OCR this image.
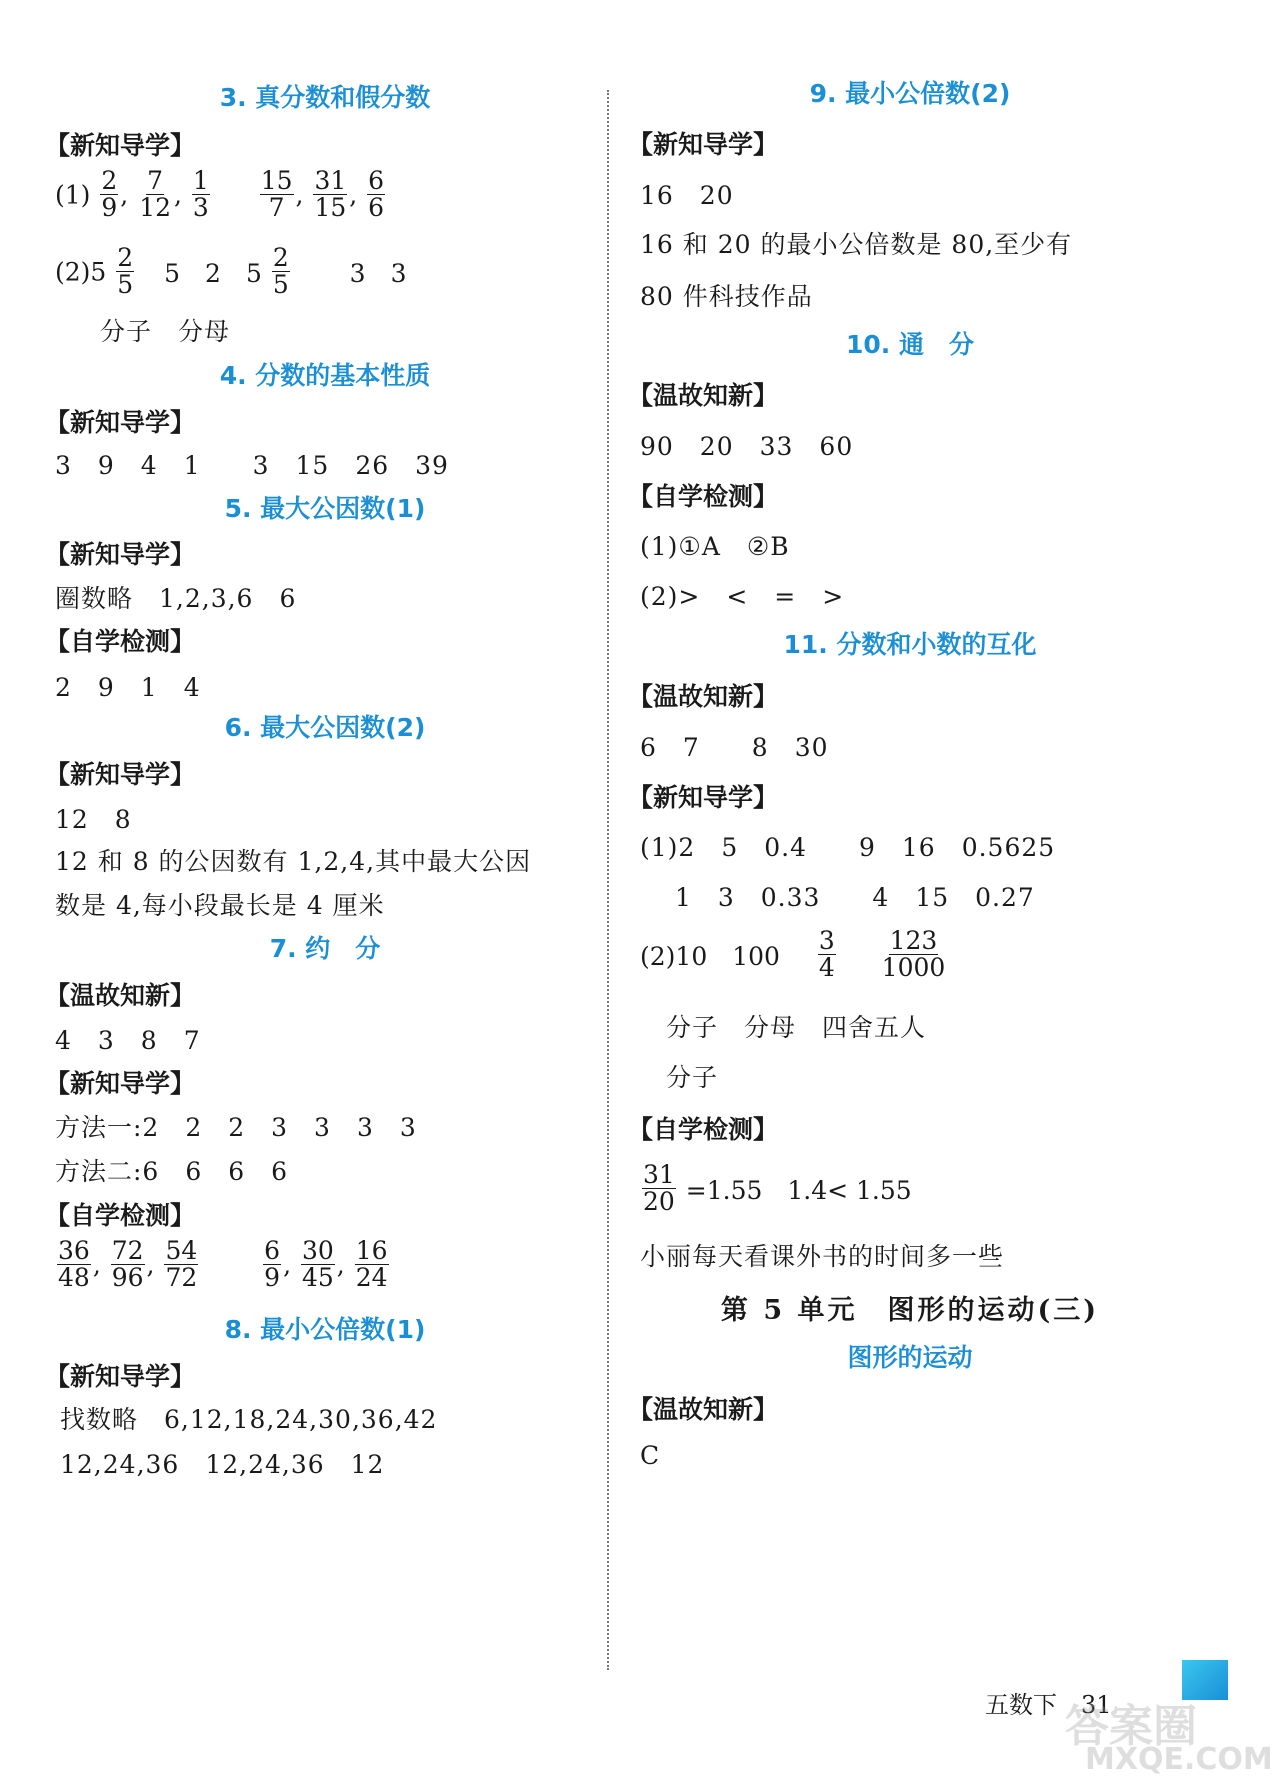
3. 真分数和假分数
【新知导学】
$(1) \frac{2}{9}$ , $\frac{7}{12}$ , $\frac{1}{3}$
$\frac{15}{7}$ , $\frac{31}{15}$ , $\frac{6}{6}$
$(2)5 \frac{2}{5} 5$　2　$5 \frac{2}{5} 3$　3
分子　分母
4. 分数的基本性质
【新知导学】
3　9　4　1　　3　15　26　39
5. 最大公因数(1)
【新知导学】
圈数略　1,2,3,6　6
【自学检测】
2　9　1　4
6. 最大公因数(2)
【新知导学】
12　8
12 和 8 的公因数有 1,2,4,其中最大公因
数是 4,每小段最长是 4 厘米
7. 约　分
【温故知新】
4　3　8　7
【新知导学】
方法一:2　2　2　3　3　3　3
方法二:6　6　6　6
【自学检测】
$\frac{36}{48}$ , $\frac{72}{96}$ , $\frac{54}{72}$
	$\frac{6}{9}$ , $\frac{30}{45}$ , $\frac{16}{24}$
8. 最小公倍数(1)
【新知导学】
找数略　6,12,18,24,30,36,42
12,24,36　12,24,36　12
9. 最小公倍数(2)
【新知导学】
16　20
16 和 20 的最小公倍数是 80,至少有
80 件科技作品
10. 通　分
【温故知新】
90　20　33　60
【自学检测】
(1)①A　②B
(2)>　<　=　>
11. 分数和小数的互化
【温故知新】
6　7　　8　30
【新知导学】
(1)2　5　0.4　　9　16　0.5625
　 1　3　0.33　　4　15　0.27
(2)10　$100 \frac{3}{4}$
$\frac{123}{1000}$
　分子　分母　四舍五人
　分子
【自学检测】
$\frac{31}{20} =1.55$　1.4< 1.55
小丽每天看课外书的时间多一些
第 5 单元　图形的运动(三)
图形的运动
【温故知新】
C
五数下　31
答案圈
MXQE.COM
